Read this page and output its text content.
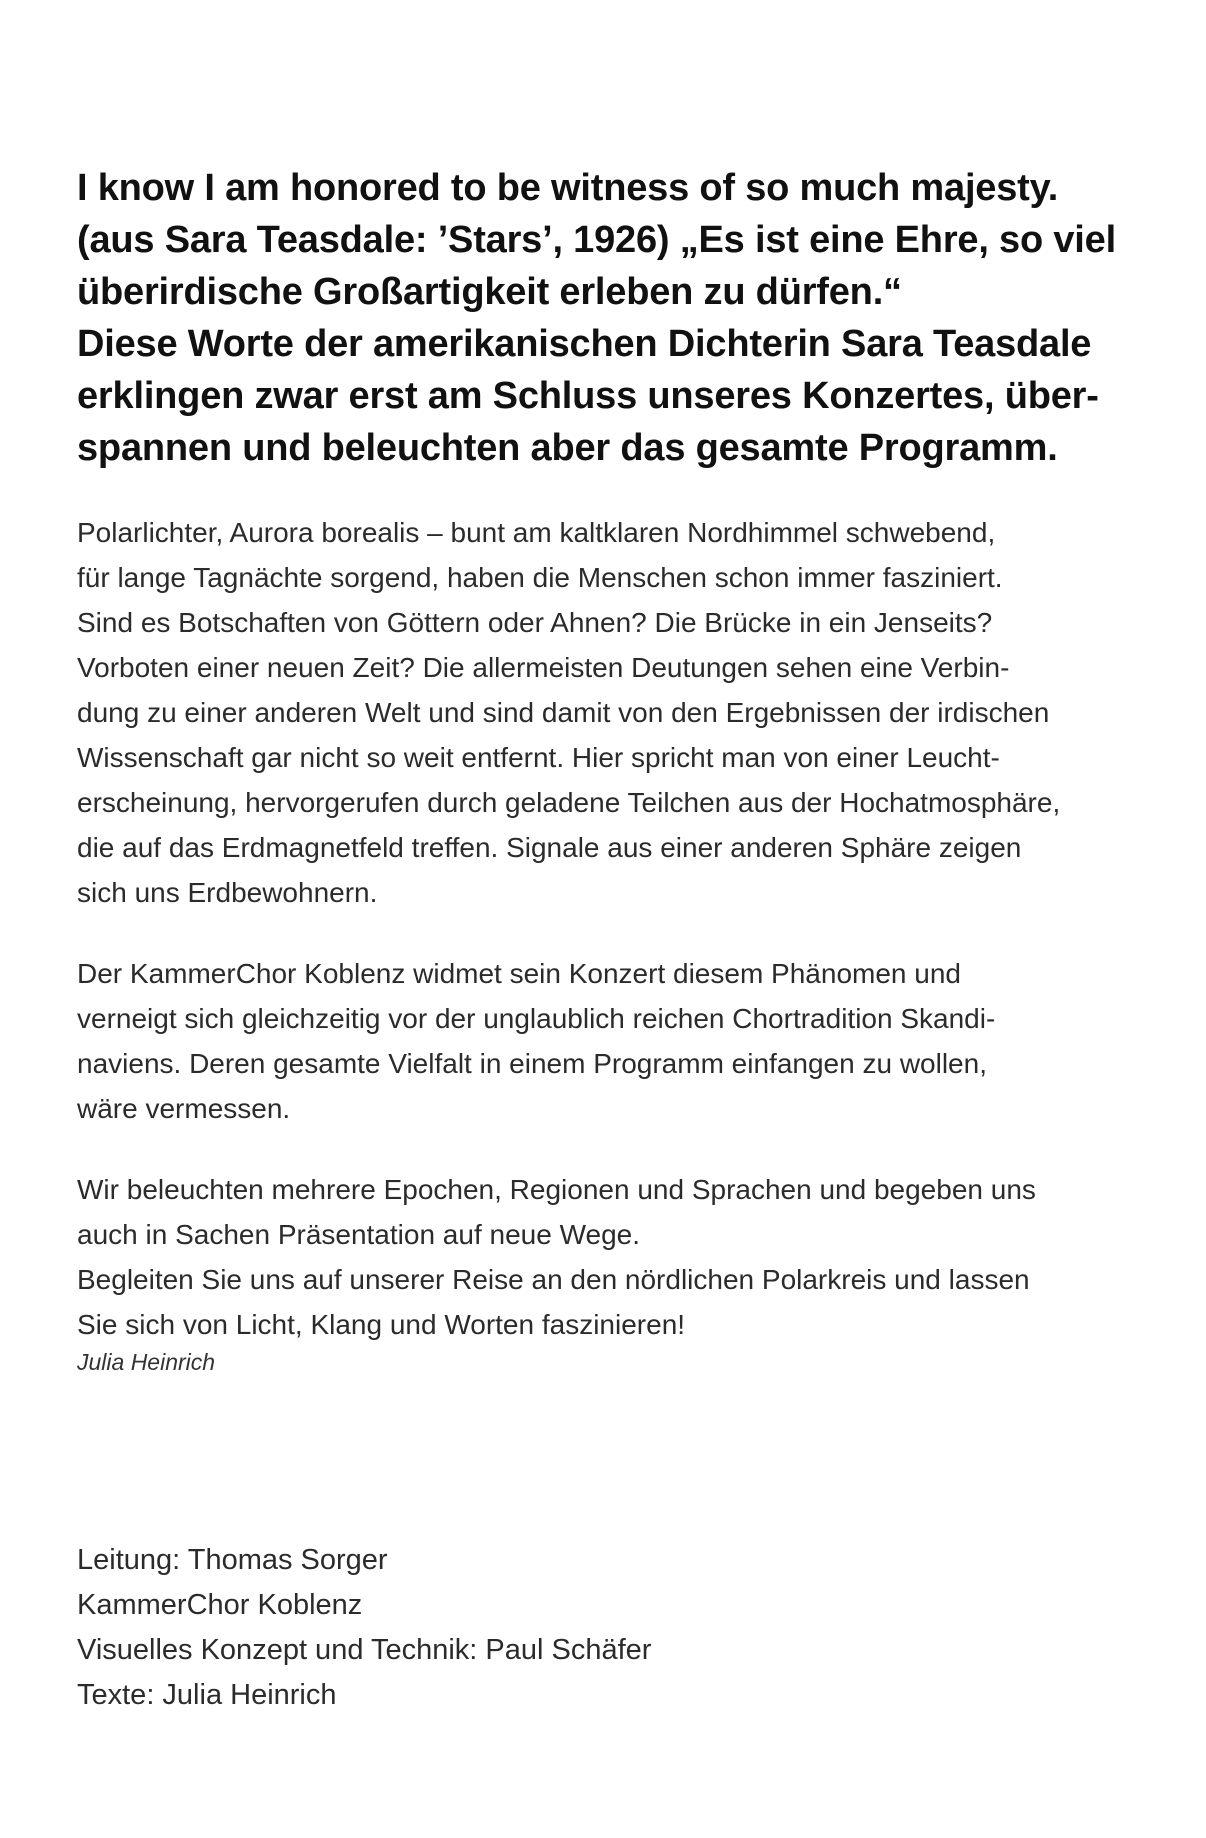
I know I am honored to be witness of so much majesty.
(aus Sara Teasdale: ’Stars’, 1926) „Es ist eine Ehre, so viel
überirdische Großartigkeit erleben zu dürfen.“
Diese Worte der amerikanischen Dichterin Sara Teasdale
erklingen zwar erst am Schluss unseres Konzertes, über-
spannen und beleuchten aber das gesamte Programm.

Polarlichter, Aurora borealis – bunt am kaltklaren Nordhimmel schwebend,
für lange Tagnächte sorgend, haben die Menschen schon immer fasziniert.
Sind es Botschaften von Göttern oder Ahnen? Die Brücke in ein Jenseits?
Vorboten einer neuen Zeit? Die allermeisten Deutungen sehen eine Verbin-
dung zu einer anderen Welt und sind damit von den Ergebnissen der irdischen
Wissenschaft gar nicht so weit entfernt. Hier spricht man von einer Leucht-
erscheinung, hervorgerufen durch geladene Teilchen aus der Hochatmosphäre,
die auf das Erdmagnetfeld treffen. Signale aus einer anderen Sphäre zeigen
sich uns Erdbewohnern.

Der KammerChor Koblenz widmet sein Konzert diesem Phänomen und
verneigt sich gleichzeitig vor der unglaublich reichen Chortradition Skandi-
naviens. Deren gesamte Vielfalt in einem Programm einfangen zu wollen,
wäre vermessen.

Wir beleuchten mehrere Epochen, Regionen und Sprachen und begeben uns
auch in Sachen Präsentation auf neue Wege.
Begleiten Sie uns auf unserer Reise an den nördlichen Polarkreis und lassen
Sie sich von Licht, Klang und Worten faszinieren!

Julia Heinrich

Leitung: Thomas Sorger
KammerChor Koblenz
Visuelles Konzept und Technik: Paul Schäfer
Texte: Julia Heinrich
